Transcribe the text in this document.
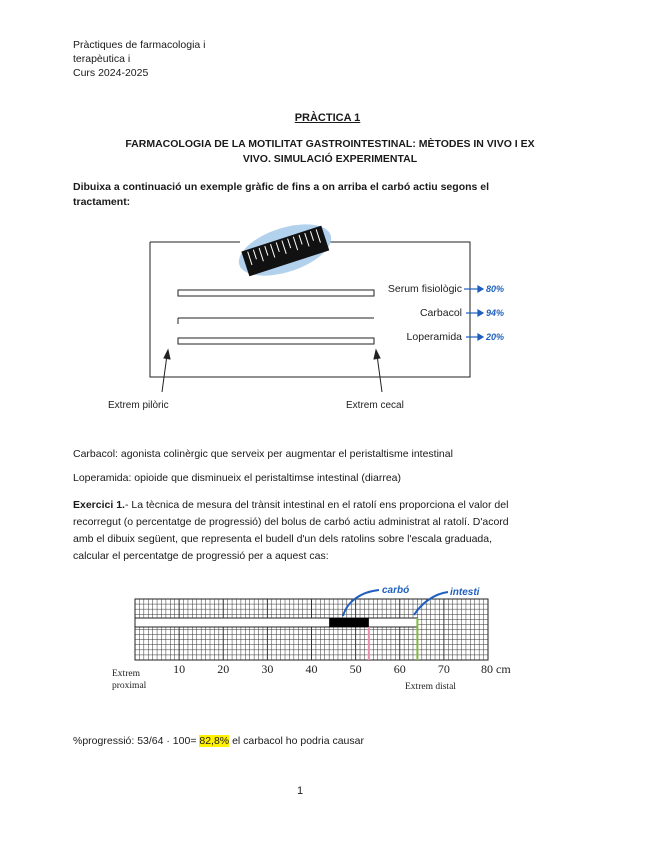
Pràctiques de farmacologia i
terapèutica i
Curs 2024-2025
PRÀCTICA 1
FARMACOLOGIA DE LA MOTILITAT GASTROINTESTINAL: MÈTODES IN VIVO I EX
VIVO. SIMULACIÓ EXPERIMENTAL
Dibuixa a continuació un exemple gràfic de fins a on arriba el carbó actiu segons el tractament:
Serum fisiològic
Carbacol
Loperamida
80%
94%
20%
Extrem pilòric	Extrem cecal
Carbacol: agonista colinèrgic que serveix per augmentar el peristaltisme intestinal
Loperamida: opioide que disminueix el peristaltimse intestinal (diarrea)
Exercici 1.- La tècnica de mesura del trànsit intestinal en el ratolí ens proporciona el valor del recorregut (o percentatge de progressió) del bolus de carbó actiu administrat al ratolí. D'acord amb el dibuix següent, que representa el budell d'un dels ratolins sobre l'escala graduada, calcular el percentatge de progressió per a aquest cas:
10	20	30	40	50	60	70	80 cm
Extrem
proximal	Extrem distal
carbó	intesti
%progressió: 53/64 · 100= 82,8% el carbacol ho podria causar
1
